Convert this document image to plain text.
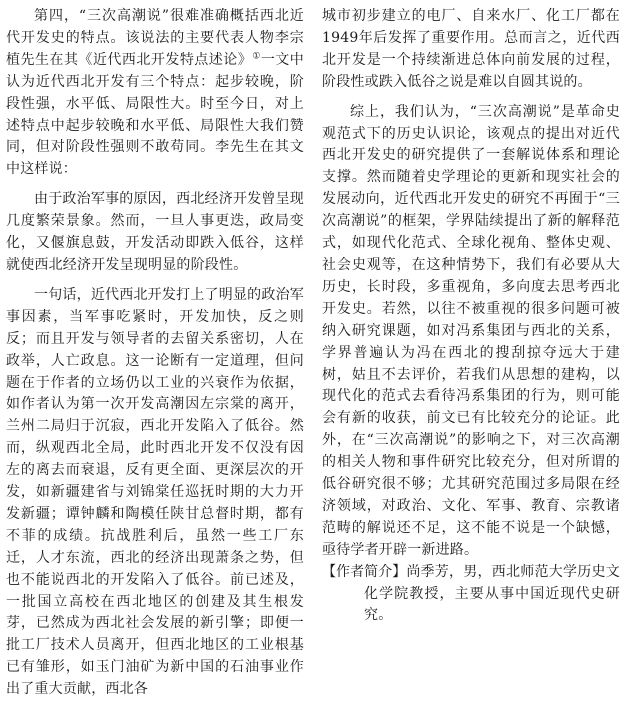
第四，“三次高潮说”很难准确概括西北近代开发史的特点。该说法的主要代表人物李宗植先生在其《近代西北开发特点述论》①一文中认为近代西北开发有三个特点：起步较晚，阶段性强，水平低、局限性大。时至今日，对上述特点中起步较晚和水平低、局限性大我们赞同，但对阶段性强则不敢苟同。李先生在其文中这样说：

由于政治军事的原因，西北经济开发曾呈现几度繁荣景象。然而，一旦人事更迭，政局变化，又偃旗息鼓，开发活动即跌入低谷，这样就使西北经济开发呈现明显的阶段性。

一句话，近代西北开发打上了明显的政治军事因素，当军事吃紧时，开发加快，反之则反；而且开发与领导者的去留关系密切，人在政举，人亡政息。这一论断有一定道理，但问题在于作者的立场仍以工业的兴衰作为依据，如作者认为第一次开发高潮因左宗棠的离开，兰州二局归于沉寂，西北开发陷入了低谷。然而，纵观西北全局，此时西北开发不仅没有因左的离去而衰退，反有更全面、更深层次的开发，如新疆建省与刘锦棠任巡抚时期的大力开发新疆；谭钟麟和陶模任陕甘总督时期，都有不菲的成绩。抗战胜利后，虽然一些工厂东迁，人才东流，西北的经济出现萧条之势，但也不能说西北的开发陷入了低谷。前已述及，一批国立高校在西北地区的创建及其生根发芽，已然成为西北社会发展的新引擎；即便一批工厂技术人员离开，但西北地区的工业根基已有雏形，如玉门油矿为新中国的石油事业作出了重大贡献，西北各

城市初步建立的电厂、自来水厂、化工厂都在1949年后发挥了重要作用。总而言之，近代西北开发是一个持续渐进总体向前发展的过程，阶段性或跌入低谷之说是难以自圆其说的。

综上，我们认为，“三次高潮说”是革命史观范式下的历史认识论，该观点的提出对近代西北开发史的研究提供了一套解说体系和理论支撑。然而随着史学理论的更新和现实社会的发展动向，近代西北开发史的研究不再囿于“三次高潮说”的框架，学界陆续提出了新的解释范式，如现代化范式、全球化视角、整体史观、社会史观等，在这种情势下，我们有必要从大历史，长时段，多重视角，多向度去思考西北开发史。若然，以往不被重视的很多问题可被纳入研究课题，如对冯系集团与西北的关系，学界普遍认为冯在西北的搜刮掠夺远大于建树，姑且不去评价，若我们从思想的建构，以现代化的范式去看待冯系集团的行为，则可能会有新的收获，前文已有比较充分的论证。此外，在“三次高潮说”的影响之下，对三次高潮的相关人物和事件研究比较充分，但对所谓的低谷研究很不够；尤其研究范围过多局限在经济领域，对政治、文化、军事、教育、宗教诸范畴的解说还不足，这不能不说是一个缺憾，亟待学者开辟一新进路。

【作者简介】尚季芳，男，西北师范大学历史文化学院教授，主要从事中国近现代史研究。
